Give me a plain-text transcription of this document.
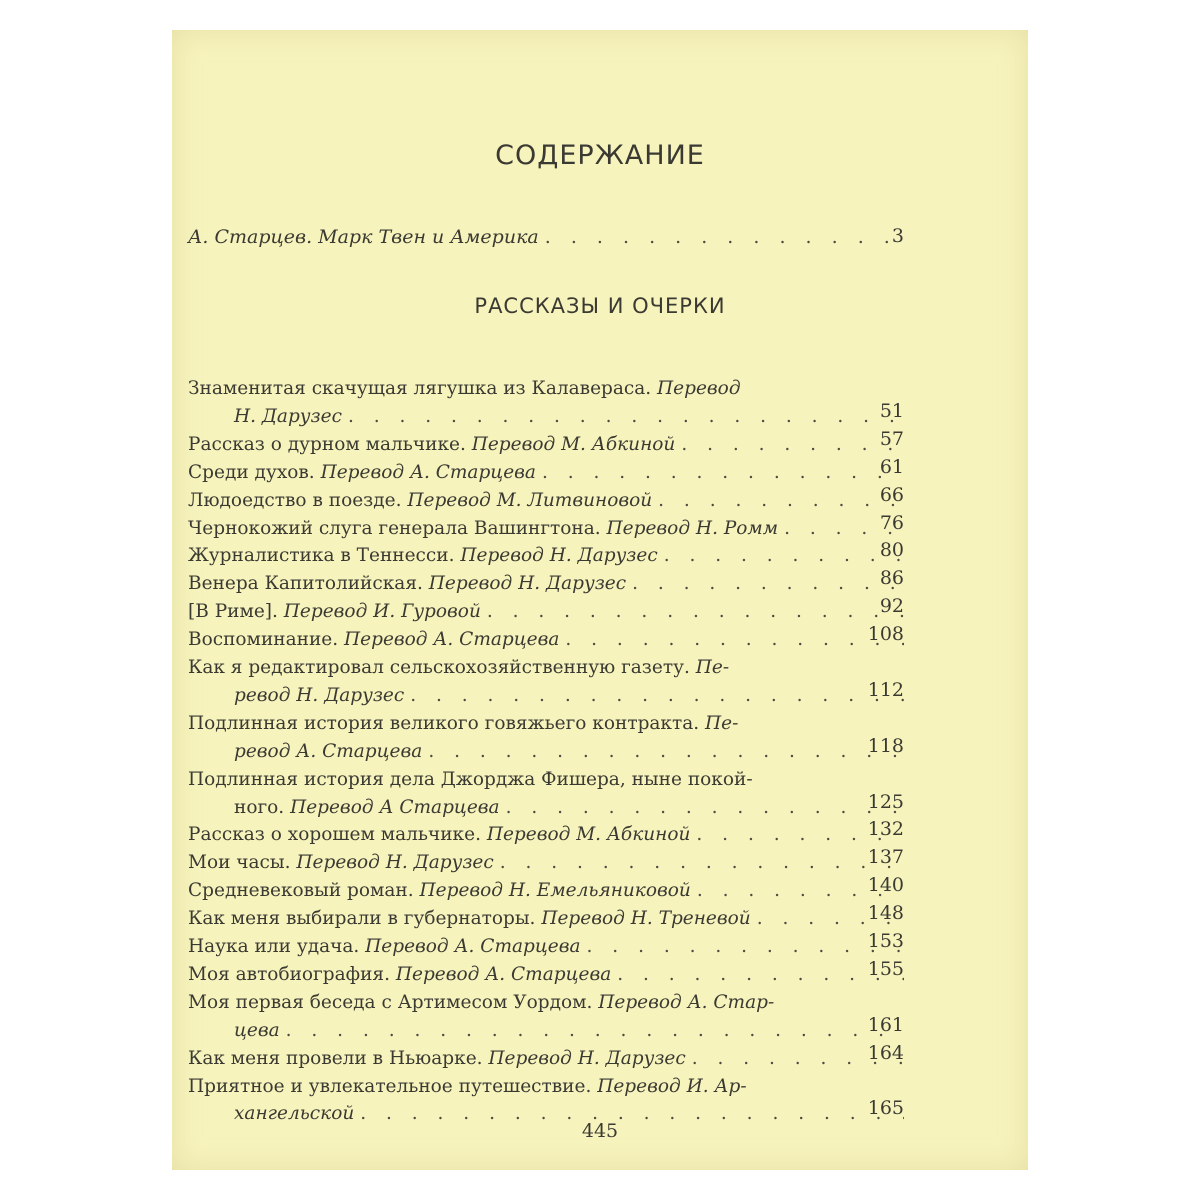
СОДЕРЖАНИЕ
А. Старцев. Марк Твен и Америка
. . .	3
РАССКАЗЫ И ОЧЕРКИ
Знаменитая скачущая лягушка из Калавераса. Перевод
51
Н. Дарузес
. . .
57
Рассказ о дурном мальчике. Перевод М. Абкиной
. . .
61
Среди духов. Перевод А. Старцева
. . .
66
Людоедство в поезде. Перевод М. Литвиновой
. . .
76
Чернокожий слуга генерала Вашингтона. Перевод Н. Ромм
. . .
80
Журналистика в Теннесси. Перевод Н. Дарузес
. . .
86
Венера Капитолийская. Перевод Н. Дарузес
. . .
92
[В Риме]. Перевод И. Гуровой
. . .
108
Воспоминание. Перевод А. Старцева
. . .
Как я редактировал сельскохозяйственную газету. Пе-
112
ревод Н. Дарузес
. . .
Подлинная история великого говяжьего контракта. Пе-
118
ревод А. Старцева
. . .
Подлинная история дела Джорджа Фишера, ныне покой-
125
ного. Перевод А Старцева
. . .
132
Рассказ о хорошем мальчике. Перевод М. Абкиной
. . .
137
Мои часы. Перевод Н. Дарузес
. . .
140
Средневековый роман. Перевод Н. Емельяниковой
. . .
148
Как меня выбирали в губернаторы. Перевод Н. Треневой
. . .
153
Наука или удача. Перевод А. Старцева
. . .
155
Моя автобиография. Перевод А. Старцева
. . .
Моя первая беседа с Артимесом Уордом. Перевод А. Стар-
161
цева
. . .
164
Как меня провели в Ньюарке. Перевод Н. Дарузес
. . .
Приятное и увлекательное путешествие. Перевод И. Ар-
165
хангельской
. . .
445
